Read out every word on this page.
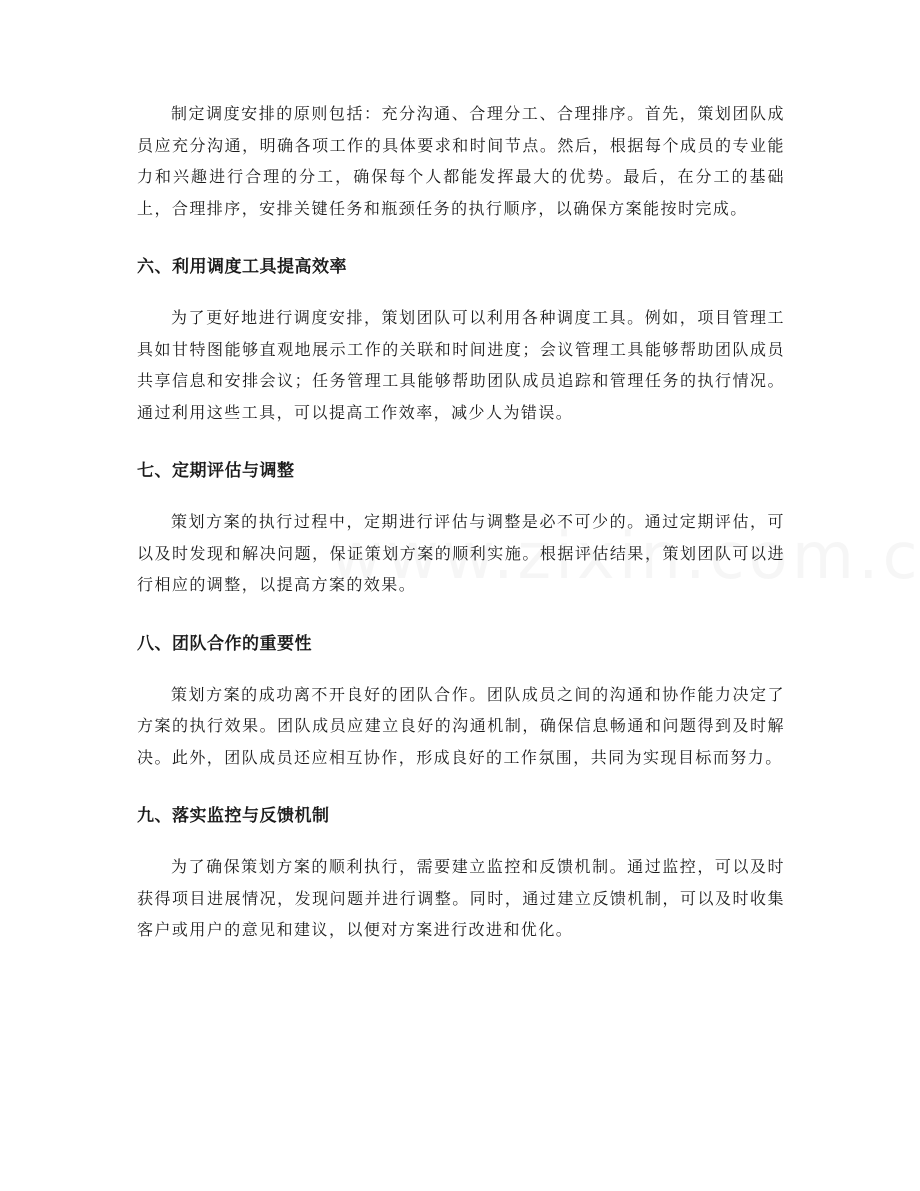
制定调度安排的原则包括：充分沟通、合理分工、合理排序。首先，策划团队成员应充分沟通，明确各项工作的具体要求和时间节点。然后，根据每个成员的专业能力和兴趣进行合理的分工，确保每个人都能发挥最大的优势。最后，在分工的基础上，合理排序，安排关键任务和瓶颈任务的执行顺序，以确保方案能按时完成。

六、利用调度工具提高效率

为了更好地进行调度安排，策划团队可以利用各种调度工具。例如，项目管理工具如甘特图能够直观地展示工作的关联和时间进度；会议管理工具能够帮助团队成员共享信息和安排会议；任务管理工具能够帮助团队成员追踪和管理任务的执行情况。通过利用这些工具，可以提高工作效率，减少人为错误。

七、定期评估与调整

策划方案的执行过程中，定期进行评估与调整是必不可少的。通过定期评估，可以及时发现和解决问题，保证策划方案的顺利实施。根据评估结果，策划团队可以进行相应的调整，以提高方案的效果。

八、团队合作的重要性

策划方案的成功离不开良好的团队合作。团队成员之间的沟通和协作能力决定了方案的执行效果。团队成员应建立良好的沟通机制，确保信息畅通和问题得到及时解决。此外，团队成员还应相互协作，形成良好的工作氛围，共同为实现目标而努力。

九、落实监控与反馈机制

为了确保策划方案的顺利执行，需要建立监控和反馈机制。通过监控，可以及时获得项目进展情况，发现问题并进行调整。同时，通过建立反馈机制，可以及时收集客户或用户的意见和建议，以便对方案进行改进和优化。
